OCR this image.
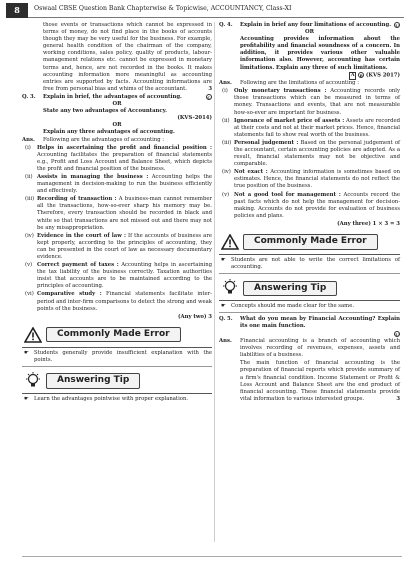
8	Oswaal CBSE Question Bank Chapterwise & Topicwise, ACCOUNTANCY, Class-XI
those events or transactions which cannot be expressed in terms of money, do not find place in the books of accounts though they may be very useful for the business. For example, general health condition of the chairman of the company, working conditions, sales policy, quality of products, labour-management relations etc. cannot be expressed in monetary terms and, hence, are not recorded in the books. It makes accounting information more meaningful as accounting entries are supported by facts. Accounting informations are free from personal bias and whims of the accountant.	3
Q. 3.	Explain in brief, the advantages of accounting.	C
OR
State any two advantages of Accountancy.
(KVS-2014)
OR
Explain any three advantages of accounting.
Ans.	Following are the advantages of accounting :
(i)	Helps in ascertaining the profit and financial position : Accounting facilitates the preparation of financial statements e.g., Profit and Loss Account and Balance Sheet, which depicts the profit and financial position of the business.
(ii) Assists in managing the business : Accounting helps the management in decision-making to run the business efficiently and effectively.
(iii) Recording of transaction : A business-man cannot remember all the transactions, how-so-ever sharp his memory may be. Therefore, every transaction should be recorded in black and white so that transactions are not missed out and there may not be any misappropriation.
(iv) Evidence in the court of law : If the accounts of business are kept properly, according to the principles of accounting, they can be presented in the court of law as necessary documentary evidence.
(v) Correct payment of taxes : Accounting helps in ascertaining the tax liability of the business correctly. Taxation authorities insist that accounts are to be maintained according to the principles of accounting.
(vi) Comparative study : Financial statements facilitate inter-period and inter-firm comparisons to detect the strong and weak points of the business.
(Any two) 3
Commonly Made Error
☛ Students generally provide insufficient explanation with the points.
Answering Tip
☛ Learn the advantages pointwise with proper explanation.
Q. 4.	Explain in brief any four limitations of accounting.	U
OR
Accounting provides information about the profitability and financial soundness of a concern. In addition, it provides various other valuable information also. However, accounting has certain limitations. Explain any three of such limitations.
A R (KVS 2017)
Ans.	Following are the limitations of accounting :
(i)	Only monetary transactions : Accounting records only those transactions which can be measured in terms of money. Transactions and events, that are not measurable how-so-ever are important for business.
(ii) Ignorance of market price of assets : Assets are recorded at their costs and not at their market prices. Hence, financial statements fail to show real worth of the business.
(iii) Personal judgement : Based on the personal judgement of the accountant, certain accounting policies are adopted. As a result, financial statements may not be objective and comparable.
(iv) Not exact : Accounting information is sometimes based on estimates. Hence, the financial statements do not reflect the true position of the business.
(v) Not a good tool for management : Accounts record the past facts which do not help the management for decision-making. Accounts do not provide for evaluation of business policies and plans.
(Any three) 1 × 3 = 3
Commonly Made Error
☛ Students are not able to write the correct limitations of accounting.
Answering Tip
☛ Concepts should me made clear for the same.
Q. 5.	What do you mean by Financial Accounting? Explain its one main function.
U
Ans.	Financial accounting is a branch of accounting which involves recording of revenues, expenses, assets and liabilities of a business.
The main function of financial accounting is the preparation of financial reports which provide summary of a firm's financial condition. Income Statement or Profit & Loss Account and Balance Sheet are the end product of financial accounting. These financial statements provide vital information to various interested groups.	3
